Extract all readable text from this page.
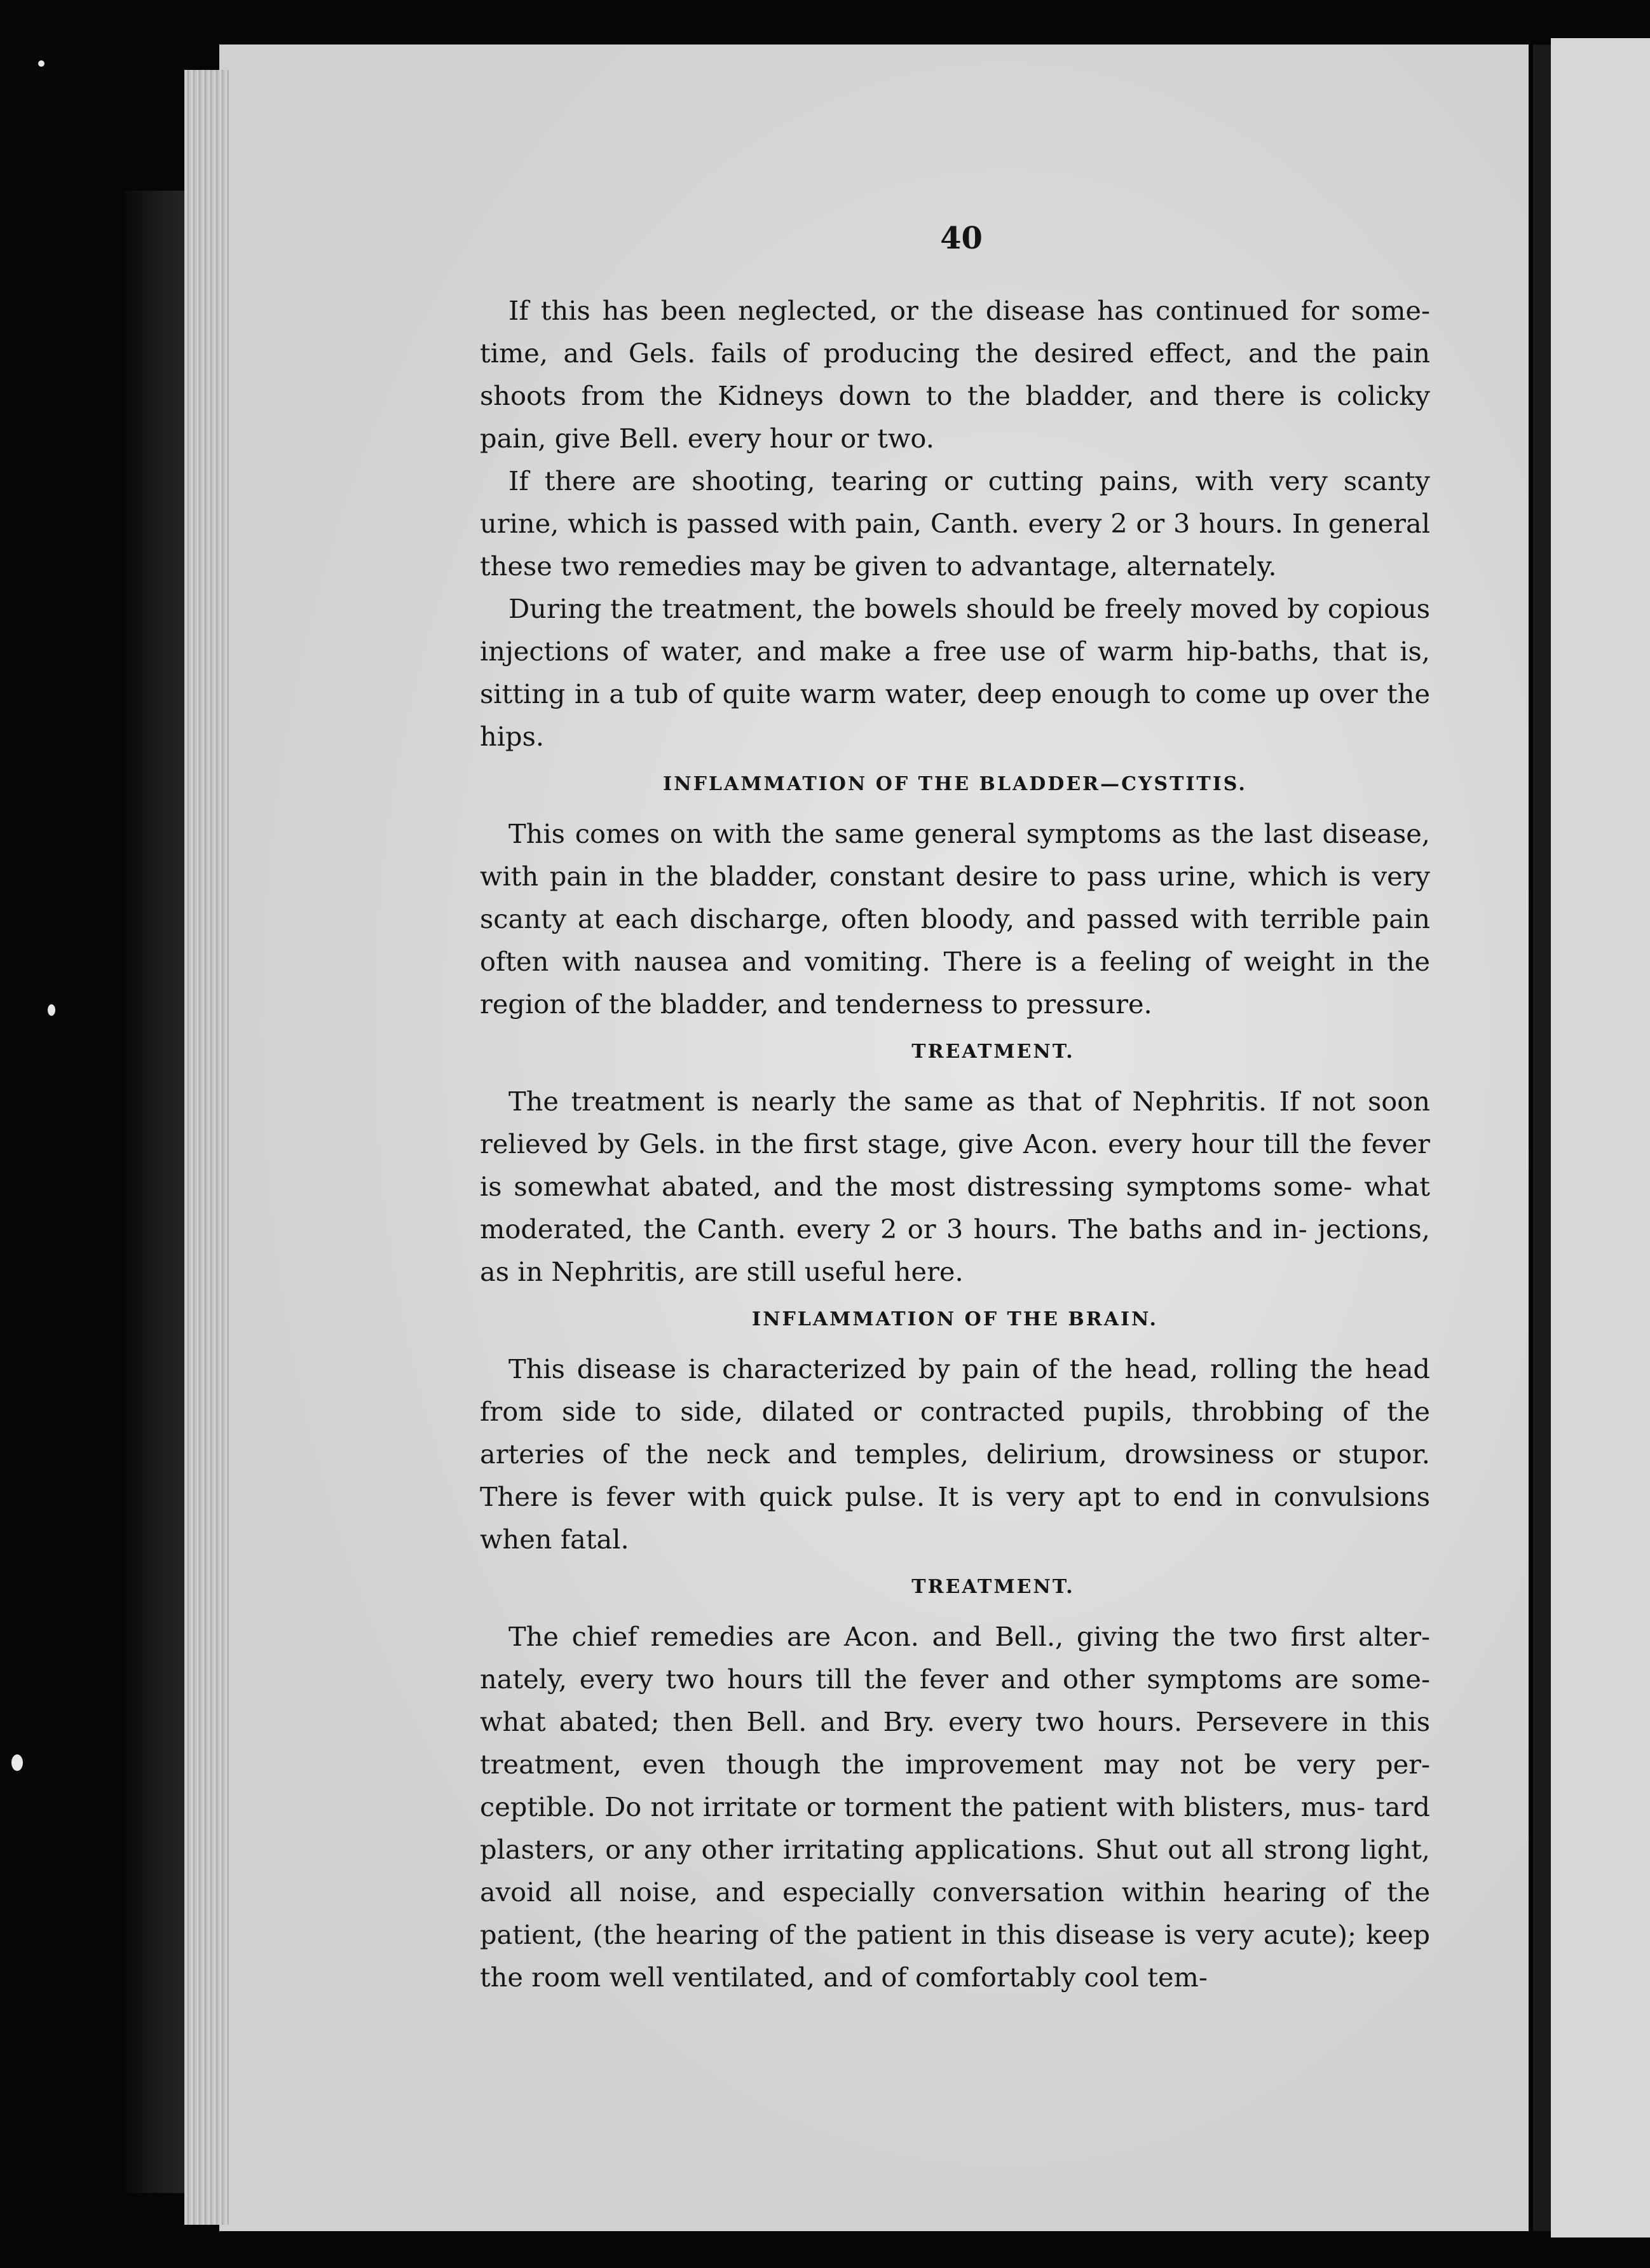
40

If this has been neglected, or the disease has continued for some- time, and Gels. fails of producing the desired effect, and the pain shoots from the Kidneys down to the bladder, and there is colicky pain, give Bell. every hour or two.

If there are shooting, tearing or cutting pains, with very scanty urine, which is passed with pain, Canth. every 2 or 3 hours. In general these two remedies may be given to advantage, alternately.

During the treatment, the bowels should be freely moved by copious injections of water, and make a free use of warm hip-baths, that is, sitting in a tub of quite warm water, deep enough to come up over the hips.

INFLAMMATION OF THE BLADDER—CYSTITIS.

This comes on with the same general symptoms as the last disease, with pain in the bladder, constant desire to pass urine, which is very scanty at each discharge, often bloody, and passed with terrible pain often with nausea and vomiting. There is a feeling of weight in the region of the bladder, and tenderness to pressure.

TREATMENT.

The treatment is nearly the same as that of Nephritis. If not soon relieved by Gels. in the first stage, give Acon. every hour till the fever is somewhat abated, and the most distressing symptoms some- what moderated, the Canth. every 2 or 3 hours. The baths and in- jections, as in Nephritis, are still useful here.

INFLAMMATION OF THE BRAIN.

This disease is characterized by pain of the head, rolling the head from side to side, dilated or contracted pupils, throbbing of the arteries of the neck and temples, delirium, drowsiness or stupor. There is fever with quick pulse. It is very apt to end in convulsions when fatal.

TREATMENT.

The chief remedies are Acon. and Bell., giving the two first alter- nately, every two hours till the fever and other symptoms are some- what abated; then Bell. and Bry. every two hours. Persevere in this treatment, even though the improvement may not be very per- ceptible. Do not irritate or torment the patient with blisters, mus- tard plasters, or any other irritating applications. Shut out all strong light, avoid all noise, and especially conversation within hearing of the patient, (the hearing of the patient in this disease is very acute); keep the room well ventilated, and of comfortably cool tem-
